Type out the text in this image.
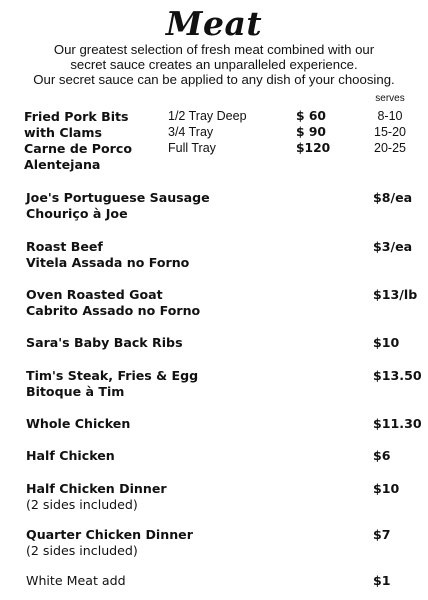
Meat
Our greatest selection of fresh meat combined with our
secret sauce creates an unparalleled experience.
Our secret sauce can be applied to any dish of your choosing.
serves
Fried Pork Bits
with Clams
Carne de Porco
Alentejana
1/2 Tray Deep	$ 60	8-10
3/4 Tray	$ 90	15-20
Full Tray	$120	20-25
Joe's Portuguese Sausage
Chouriço à Joe
$8/ea
Roast Beef
Vitela Assada no Forno
$3/ea
Oven Roasted Goat
Cabrito Assado no Forno
$13/lb
Sara's Baby Back Ribs	$10
Tim's Steak, Fries & Egg
Bitoque à Tim
$13.50
Whole Chicken	$11.30
Half Chicken	$6
Half Chicken Dinner
(2 sides included)
$10
Quarter Chicken Dinner
(2 sides included)
$7
White Meat add	$1
